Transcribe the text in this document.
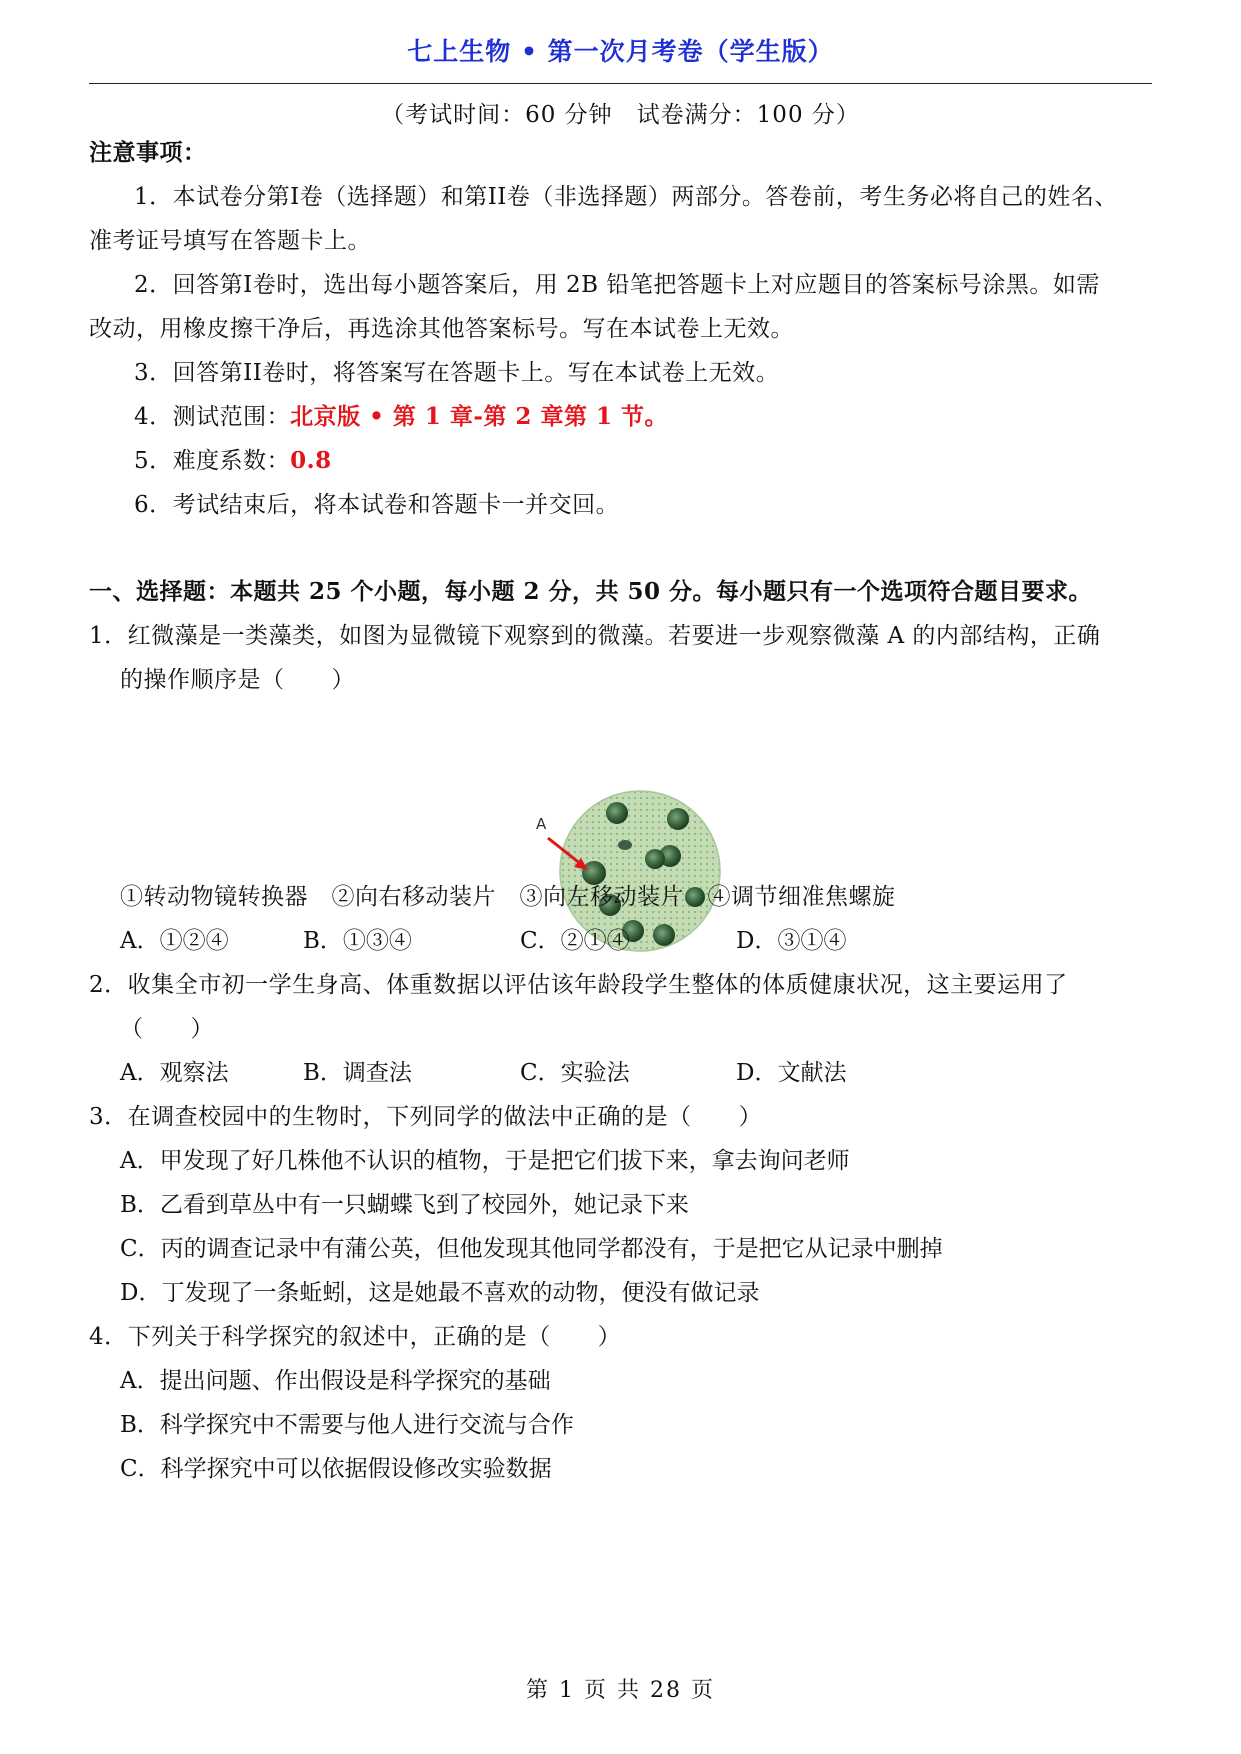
七上生物 • 第一次月考卷（学生版）
（考试时间：60 分钟　试卷满分：100 分）
注意事项：
1．本试卷分第I卷（选择题）和第II卷（非选择题）两部分。答卷前，考生务必将自己的姓名、
准考证号填写在答题卡上。
2．回答第I卷时，选出每小题答案后，用 2B 铅笔把答题卡上对应题目的答案标号涂黑。如需
改动，用橡皮擦干净后，再选涂其他答案标号。写在本试卷上无效。
3．回答第II卷时，将答案写在答题卡上。写在本试卷上无效。
4．测试范围：北京版 • 第 1 章-第 2 章第 1 节。
5．难度系数：0.8
6．考试结束后，将本试卷和答题卡一并交回。
一、选择题：本题共 25 个小题，每小题 2 分，共 50 分。每小题只有一个选项符合题目要求。
1．红微藻是一类藻类，如图为显微镜下观察到的微藻。若要进一步观察微藻 A 的内部结构，正确
的操作顺序是（　　）
A
①转动物镜转换器　②向右移动装片　③向左移动装片　④调节细准焦螺旋
A．①②④	B．①③④	C．②①④	D．③①④
2．收集全市初一学生身高、体重数据以评估该年龄段学生整体的体质健康状况，这主要运用了
（　　）
A．观察法	B．调查法	C．实验法	D．文献法
3．在调查校园中的生物时，下列同学的做法中正确的是（　　）
A．甲发现了好几株他不认识的植物，于是把它们拔下来，拿去询问老师
B．乙看到草丛中有一只蝴蝶飞到了校园外，她记录下来
C．丙的调查记录中有蒲公英，但他发现其他同学都没有，于是把它从记录中删掉
D．丁发现了一条蚯蚓，这是她最不喜欢的动物，便没有做记录
4．下列关于科学探究的叙述中，正确的是（　　）
A．提出问题、作出假设是科学探究的基础
B．科学探究中不需要与他人进行交流与合作
C．科学探究中可以依据假设修改实验数据
第 1 页 共 28 页
